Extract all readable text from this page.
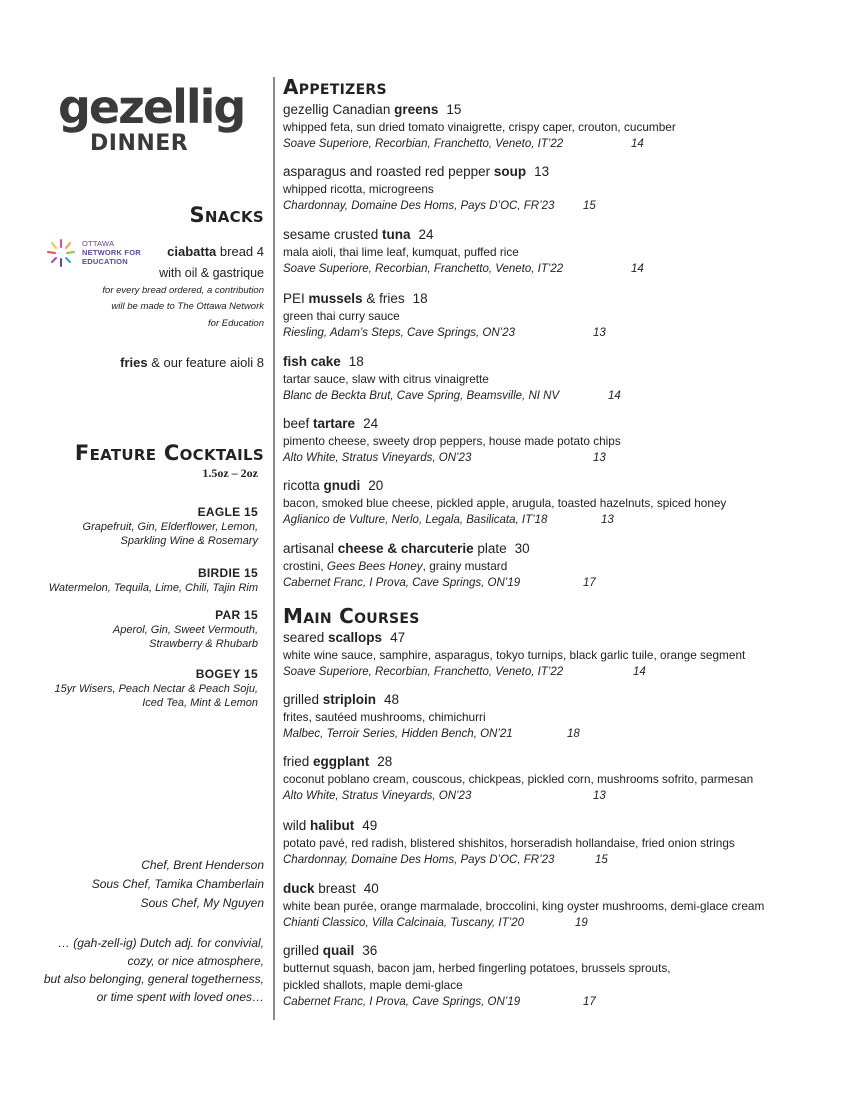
gezellig
DINNER
Snacks
OTTAWA
NETWORK FOR
EDUCATION
ciabatta bread 4
with oil & gastrique
for every bread ordered, a contribution
will be made to The Ottawa Network
for Education
fries & our feature aioli 8
Feature Cocktails
1.5oz – 2oz
EAGLE 15
Grapefruit, Gin, Elderflower, Lemon,
Sparkling Wine & Rosemary
BIRDIE 15
Watermelon, Tequila, Lime, Chili, Tajin Rim
PAR 15
Aperol, Gin, Sweet Vermouth,
Strawberry & Rhubarb
BOGEY 15
15yr Wisers, Peach Nectar & Peach Soju,
Iced Tea, Mint & Lemon
Chef, Brent Henderson
Sous Chef, Tamika Chamberlain
Sous Chef, My Nguyen
… (gah-zell-ig) Dutch adj. for convivial,
cozy, or nice atmosphere,
but also belonging, general togetherness,
or time spent with loved ones…
Appetizers
gezellig Canadian greens 15
whipped feta, sun dried tomato vinaigrette, crispy caper, crouton, cucumber
Soave Superiore, Recorbian, Franchetto, Veneto, IT’22	14
asparagus and roasted red pepper soup 13
whipped ricotta, microgreens
Chardonnay, Domaine Des Homs, Pays D’OC, FR’23 15
sesame crusted tuna 24
mala aioli, thai lime leaf, kumquat, puffed rice
Soave Superiore, Recorbian, Franchetto, Veneto, IT’22	14
PEI mussels & fries 18
green thai curry sauce
Riesling, Adam’s Steps, Cave Springs, ON’23	13
fish cake 18
tartar sauce, slaw with citrus vinaigrette
Blanc de Beckta Brut, Cave Spring, Beamsville, NI NV	14
beef tartare 24
pimento cheese, sweety drop peppers, house made potato chips
Alto White, Stratus Vineyards, ON’23	13
ricotta gnudi 20
bacon, smoked blue cheese, pickled apple, arugula, toasted hazelnuts, spiced honey
Aglianico de Vulture, Nerlo, Legala, Basilicata, IT’18	13
artisanal cheese & charcuterie plate 30
crostini, Gees Bees Honey, grainy mustard
Cabernet Franc, I Prova, Cave Springs, ON’19	17
Main Courses
seared scallops 47
white wine sauce, samphire, asparagus, tokyo turnips, black garlic tuile, orange segment
Soave Superiore, Recorbian, Franchetto, Veneto, IT’22	14
grilled striploin 48
frites, sautéed mushrooms, chimichurri
Malbec, Terroir Series, Hidden Bench, ON’21	18
fried eggplant 28
coconut poblano cream, couscous, chickpeas, pickled corn, mushrooms sofrito, parmesan
Alto White, Stratus Vineyards, ON’23	13
wild halibut 49
potato pavé, red radish, blistered shishitos, horseradish hollandaise, fried onion strings
Chardonnay, Domaine Des Homs, Pays D’OC, FR’23	15
duck breast 40
white bean purée, orange marmalade, broccolini, king oyster mushrooms, demi-glace cream
Chianti Classico, Villa Calcinaia, Tuscany, IT’20	19
grilled quail 36
butternut squash, bacon jam, herbed fingerling potatoes, brussels sprouts,
pickled shallots, maple demi-glace
Cabernet Franc, I Prova, Cave Springs, ON’19	17
